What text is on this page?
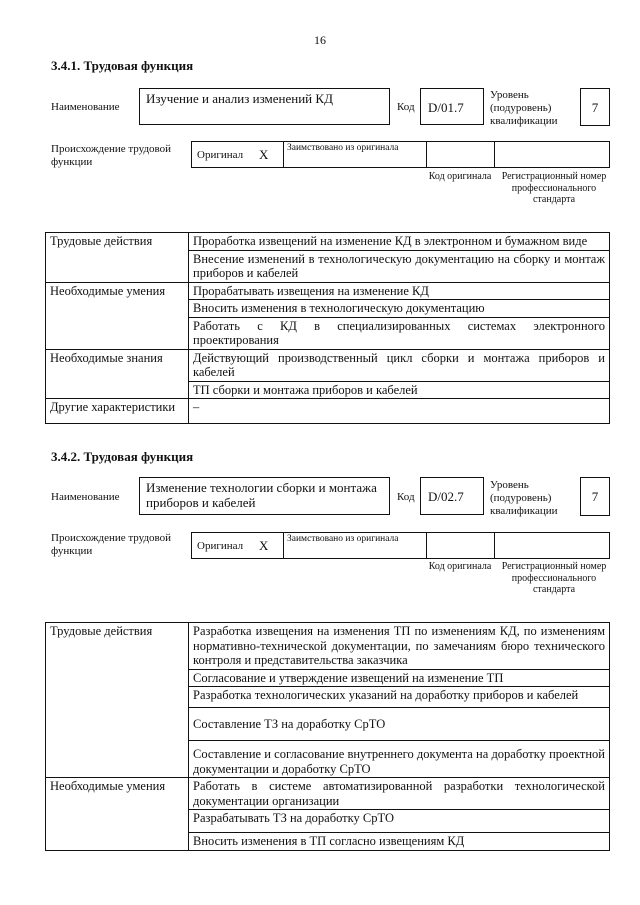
16
3.4.1. Трудовая функция
Наименование
Изучение и анализ изменений КД
Код	D/01.7
Уровень (подуровень) квалификации
7
Происхождение трудовой функции
Оригинал X Заимствовано из оригинала
Код оригинала	Регистрационный номер профессионального стандарта
Трудовые действия	Проработка извещений на изменение КД в электронном и бумажном виде
	Внесение изменений в технологическую документацию на сборку и монтаж приборов и кабелей
Необходимые умения	Прорабатывать извещения на изменение КД
	Вносить изменения в технологическую документацию
	Работать с КД в специализированных системах электронного проектирования
Необходимые знания	Действующий производственный цикл сборки и монтажа приборов и кабелей
	ТП сборки и монтажа приборов и кабелей
Другие характеристики	–
3.4.2. Трудовая функция
Наименование
Изменение технологии сборки и монтажа приборов и кабелей	Код	D/02.7
Уровень (подуровень) квалификации
7
Происхождение трудовой функции	Оригинал X Заимствовано из оригинала
Код оригинала	Регистрационный номер профессионального стандарта
Трудовые действия	Разработка извещения на изменения ТП по изменениям КД, по изменениям нормативно-технической документации, по замечаниям бюро технического контроля и представительства заказчика
	Согласование и утверждение извещений на изменение ТП
	Разработка технологических указаний на доработку приборов и кабелей
	Составление ТЗ на доработку СрТО
	Составление и согласование внутреннего документа на доработку проектной документации и доработку СрТО
Необходимые умения	Работать в системе автоматизированной разработки технологической документации организации
	Разрабатывать ТЗ на доработку СрТО
	Вносить изменения в ТП согласно извещениям КД
